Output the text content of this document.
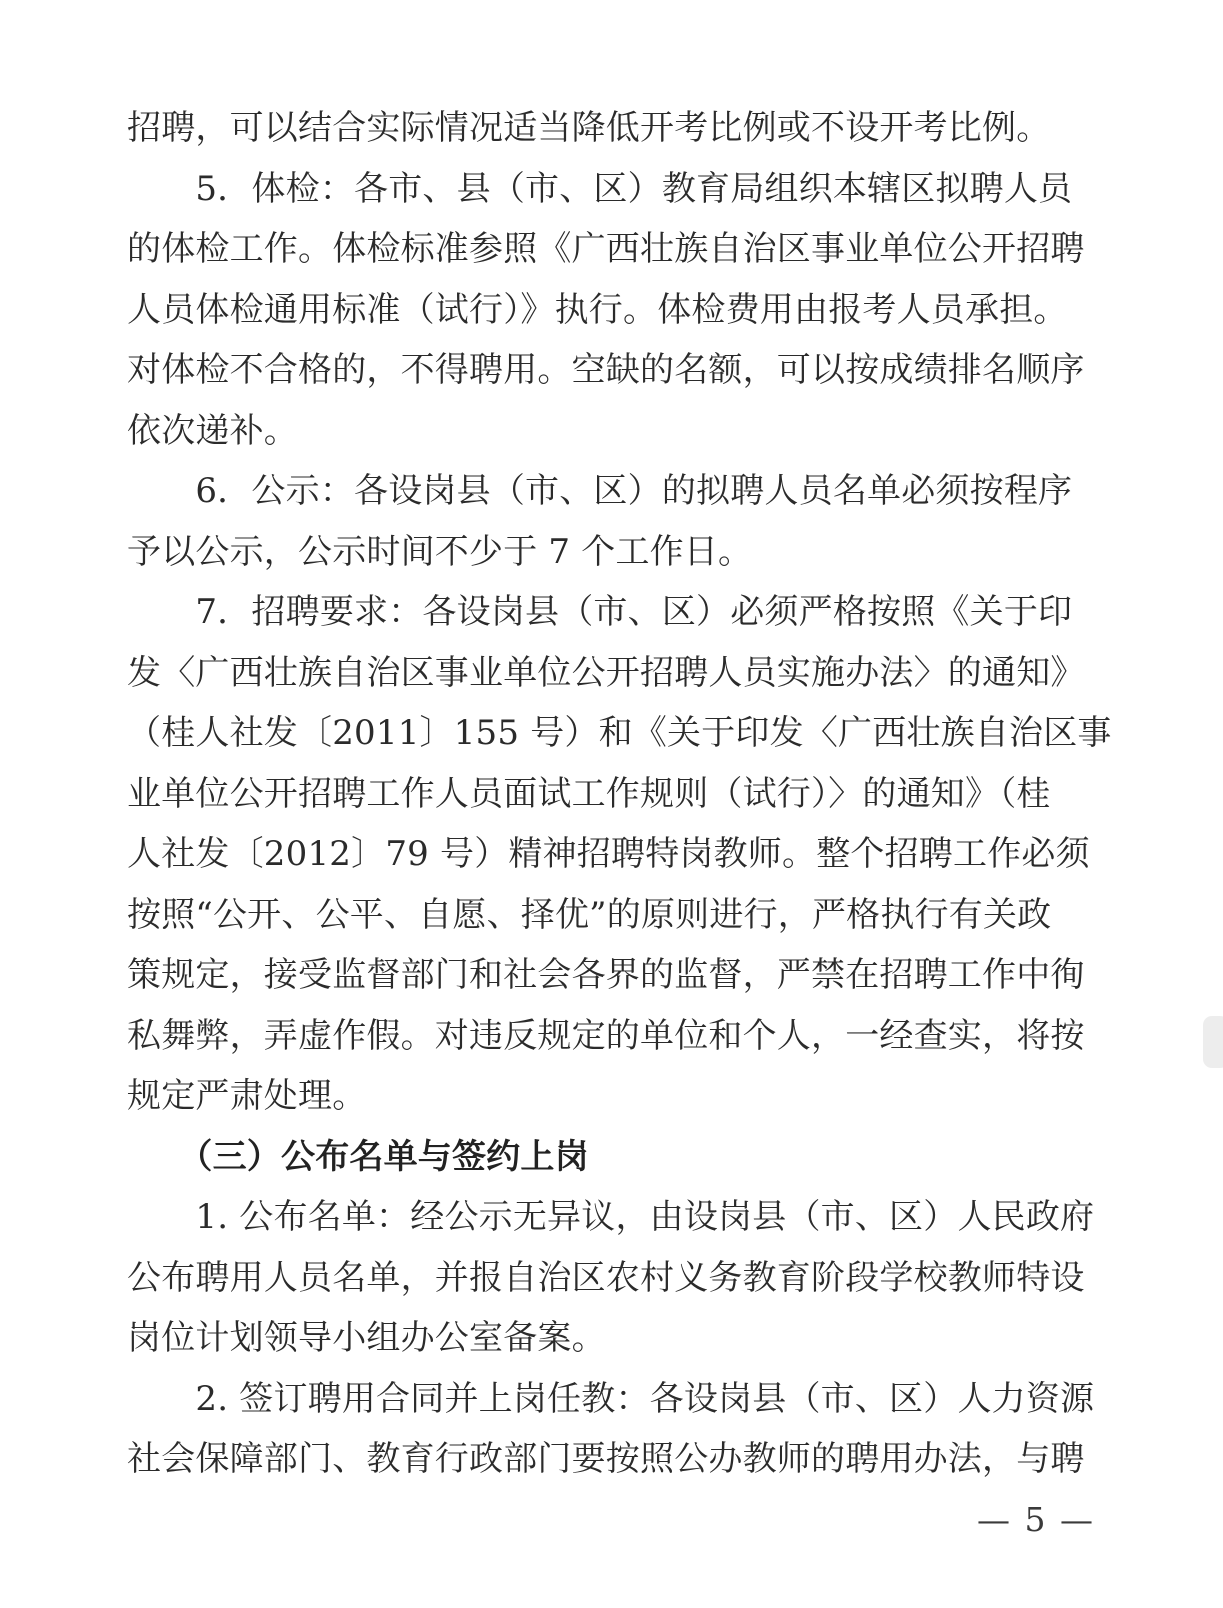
招聘，可以结合实际情况适当降低开考比例或不设开考比例。
　　5．体检：各市、县（市、区）教育局组织本辖区拟聘人员
的体检工作。体检标准参照《广西壮族自治区事业单位公开招聘
人员体检通用标准（试行）》执行。体检费用由报考人员承担。
对体检不合格的，不得聘用。空缺的名额，可以按成绩排名顺序
依次递补。
　　6．公示：各设岗县（市、区）的拟聘人员名单必须按程序
予以公示，公示时间不少于 7 个工作日。
　　7．招聘要求：各设岗县（市、区）必须严格按照《关于印
发〈广西壮族自治区事业单位公开招聘人员实施办法〉的通知》
（桂人社发〔2011〕155 号）和《关于印发〈广西壮族自治区事
业单位公开招聘工作人员面试工作规则（试行）〉的通知》（桂
人社发〔2012〕79 号）精神招聘特岗教师。整个招聘工作必须
按照“公开、公平、自愿、择优”的原则进行，严格执行有关政
策规定，接受监督部门和社会各界的监督，严禁在招聘工作中徇
私舞弊，弄虚作假。对违反规定的单位和个人，一经查实，将按
规定严肃处理。
　　（三）公布名单与签约上岗
　　1. 公布名单：经公示无异议，由设岗县（市、区）人民政府
公布聘用人员名单，并报自治区农村义务教育阶段学校教师特设
岗位计划领导小组办公室备案。
　　2. 签订聘用合同并上岗任教：各设岗县（市、区）人力资源
社会保障部门、教育行政部门要按照公办教师的聘用办法，与聘
— 5 —
